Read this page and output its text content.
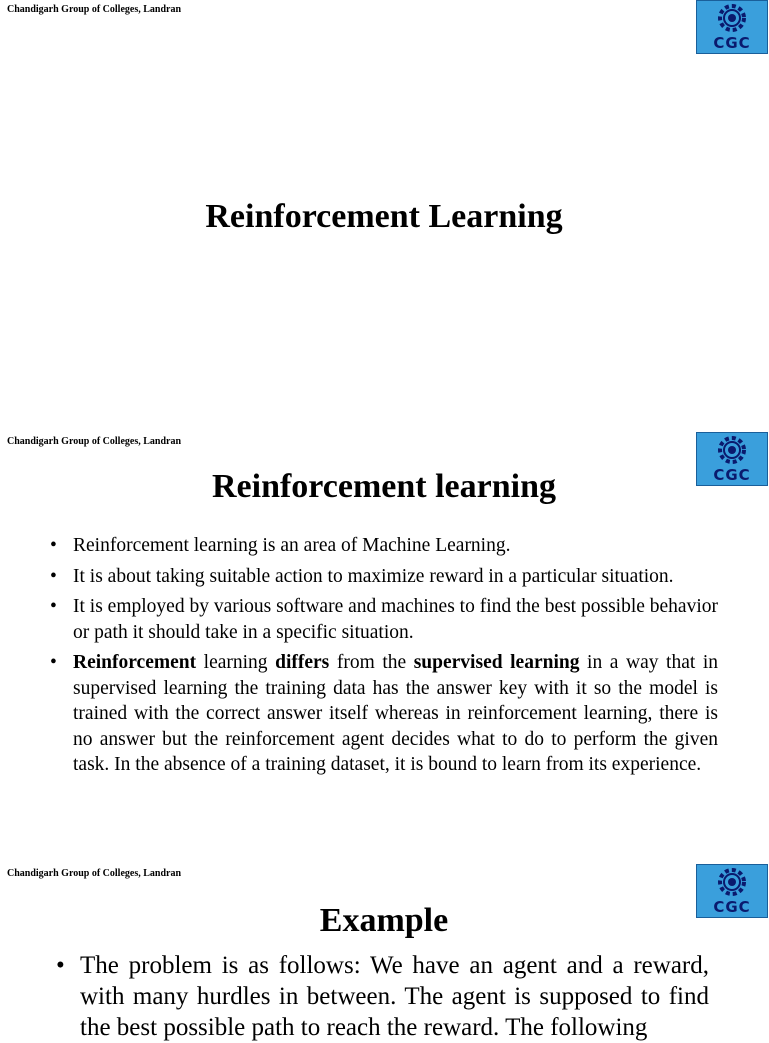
Chandigarh Group of Colleges, Landran
CGC
Reinforcement Learning
Chandigarh Group of Colleges, Landran
CGC
Reinforcement learning
• Reinforcement learning is an area of Machine Learning.
• It is about taking suitable action to maximize reward in a particular situation.
• It is employed by various software and machines to find the best possible behavior or path it should take in a specific situation.
• Reinforcement learning differs from the supervised learning in a way that in supervised learning the training data has the answer key with it so the model is trained with the correct answer itself whereas in reinforcement learning, there is no answer but the reinforcement agent decides what to do to perform the given task. In the absence of a training dataset, it is bound to learn from its experience.
Chandigarh Group of Colleges, Landran
CGC
Example
• The problem is as follows: We have an agent and a reward, with many hurdles in between. The agent is supposed to find the best possible path to reach the reward. The following
